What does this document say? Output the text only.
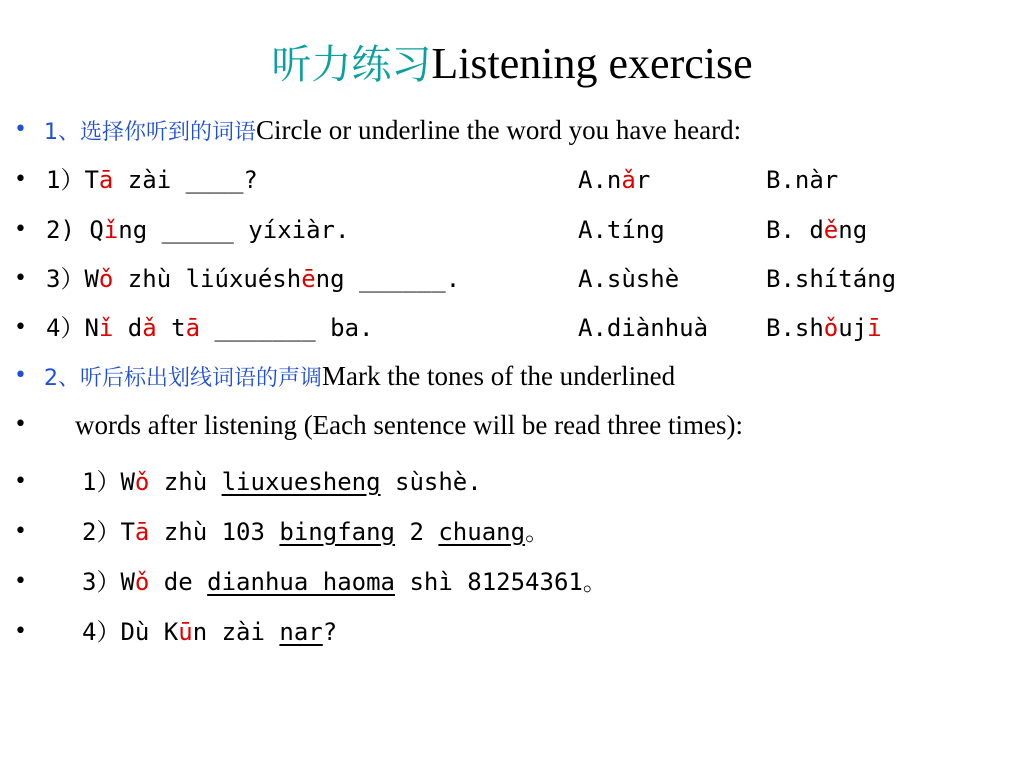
听力练习Listening exercise
• 1、选择你听到的词语Circle or underline the word you have heard:
• 1）Tā zài ____?	A.nǎr	B.nàr
• 2) Qǐng _____ yíxiàr.	A.tíng	B. děng
• 3）Wǒ zhù liúxuéshēng ______.	A.sùshè	B.shítáng
• 4）Nǐ dǎ tā _______ ba.	A.diànhuà B.shǒujī
• 2、听后标出划线词语的声调Mark the tones of the underlined
• words after listening (Each sentence will be read three times):
• 1）Wǒ zhù liuxuesheng sùshè.
• 2）Tā zhù 103 bingfang 2 chuang。
• 3）Wǒ de dianhua haoma shì 81254361。
• 4）Dù Kūn zài nar?
